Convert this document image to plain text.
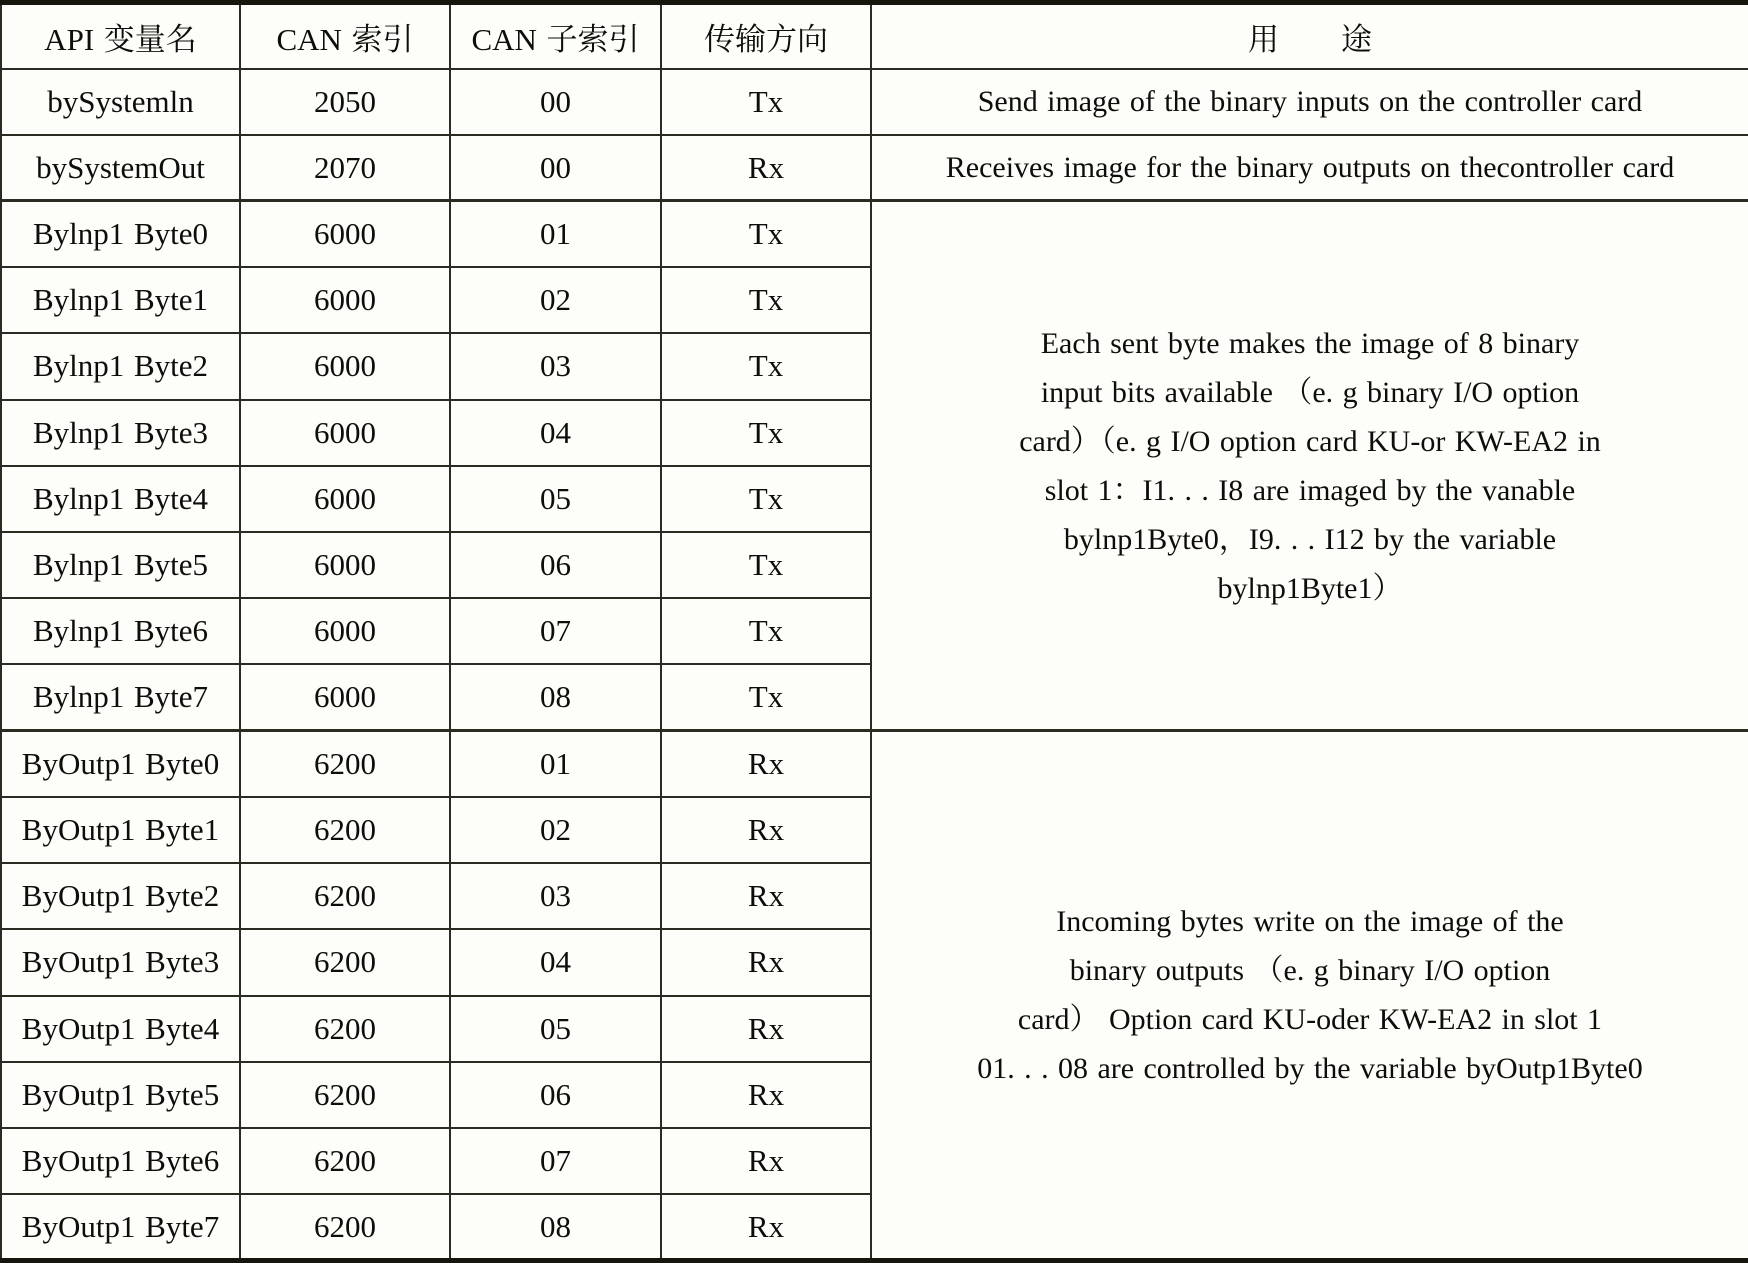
API 变量名	CAN 索引	CAN 子索引	传输方向	用　　途
bySystemln	2050	00	Tx	Send image of the binary inputs on the controller card
bySystemOut	2070	00	Rx	Receives image for the binary outputs on thecontroller card
Bylnp1 Byte0	6000	01	Tx	
Each sent byte makes the image of 8 binary
input bits available （e. g binary I/O option
card）（e. g I/O option card KU-or KW-EA2 in
slot 1：I1. . . I8 are imaged by the vanable
bylnp1Byte0，I9. . . I12 by the variable
bylnp1Byte1）

Bylnp1 Byte1	6000	02	Tx	
Bylnp1 Byte2	6000	03	Tx	
Bylnp1 Byte3	6000	04	Tx	
Bylnp1 Byte4	6000	05	Tx	
Bylnp1 Byte5	6000	06	Tx	
Bylnp1 Byte6	6000	07	Tx	
Bylnp1 Byte7	6000	08	Tx	
ByOutp1 Byte0	6200	01	Rx	Incoming bytes write on the image of the
binary outputs （e. g binary I/O option
card） Option card KU-oder KW-EA2 in slot 1
01. . . 08 are controlled by the variable byOutp1Byte0

ByOutp1 Byte1	6200	02	Rx	
ByOutp1 Byte2	6200	03	Rx	
ByOutp1 Byte3	6200	04	Rx	
ByOutp1 Byte4	6200	05	Rx	
ByOutp1 Byte5	6200	06	Rx	
ByOutp1 Byte6	6200	07	Rx	
ByOutp1 Byte7	6200	08	Rx	
